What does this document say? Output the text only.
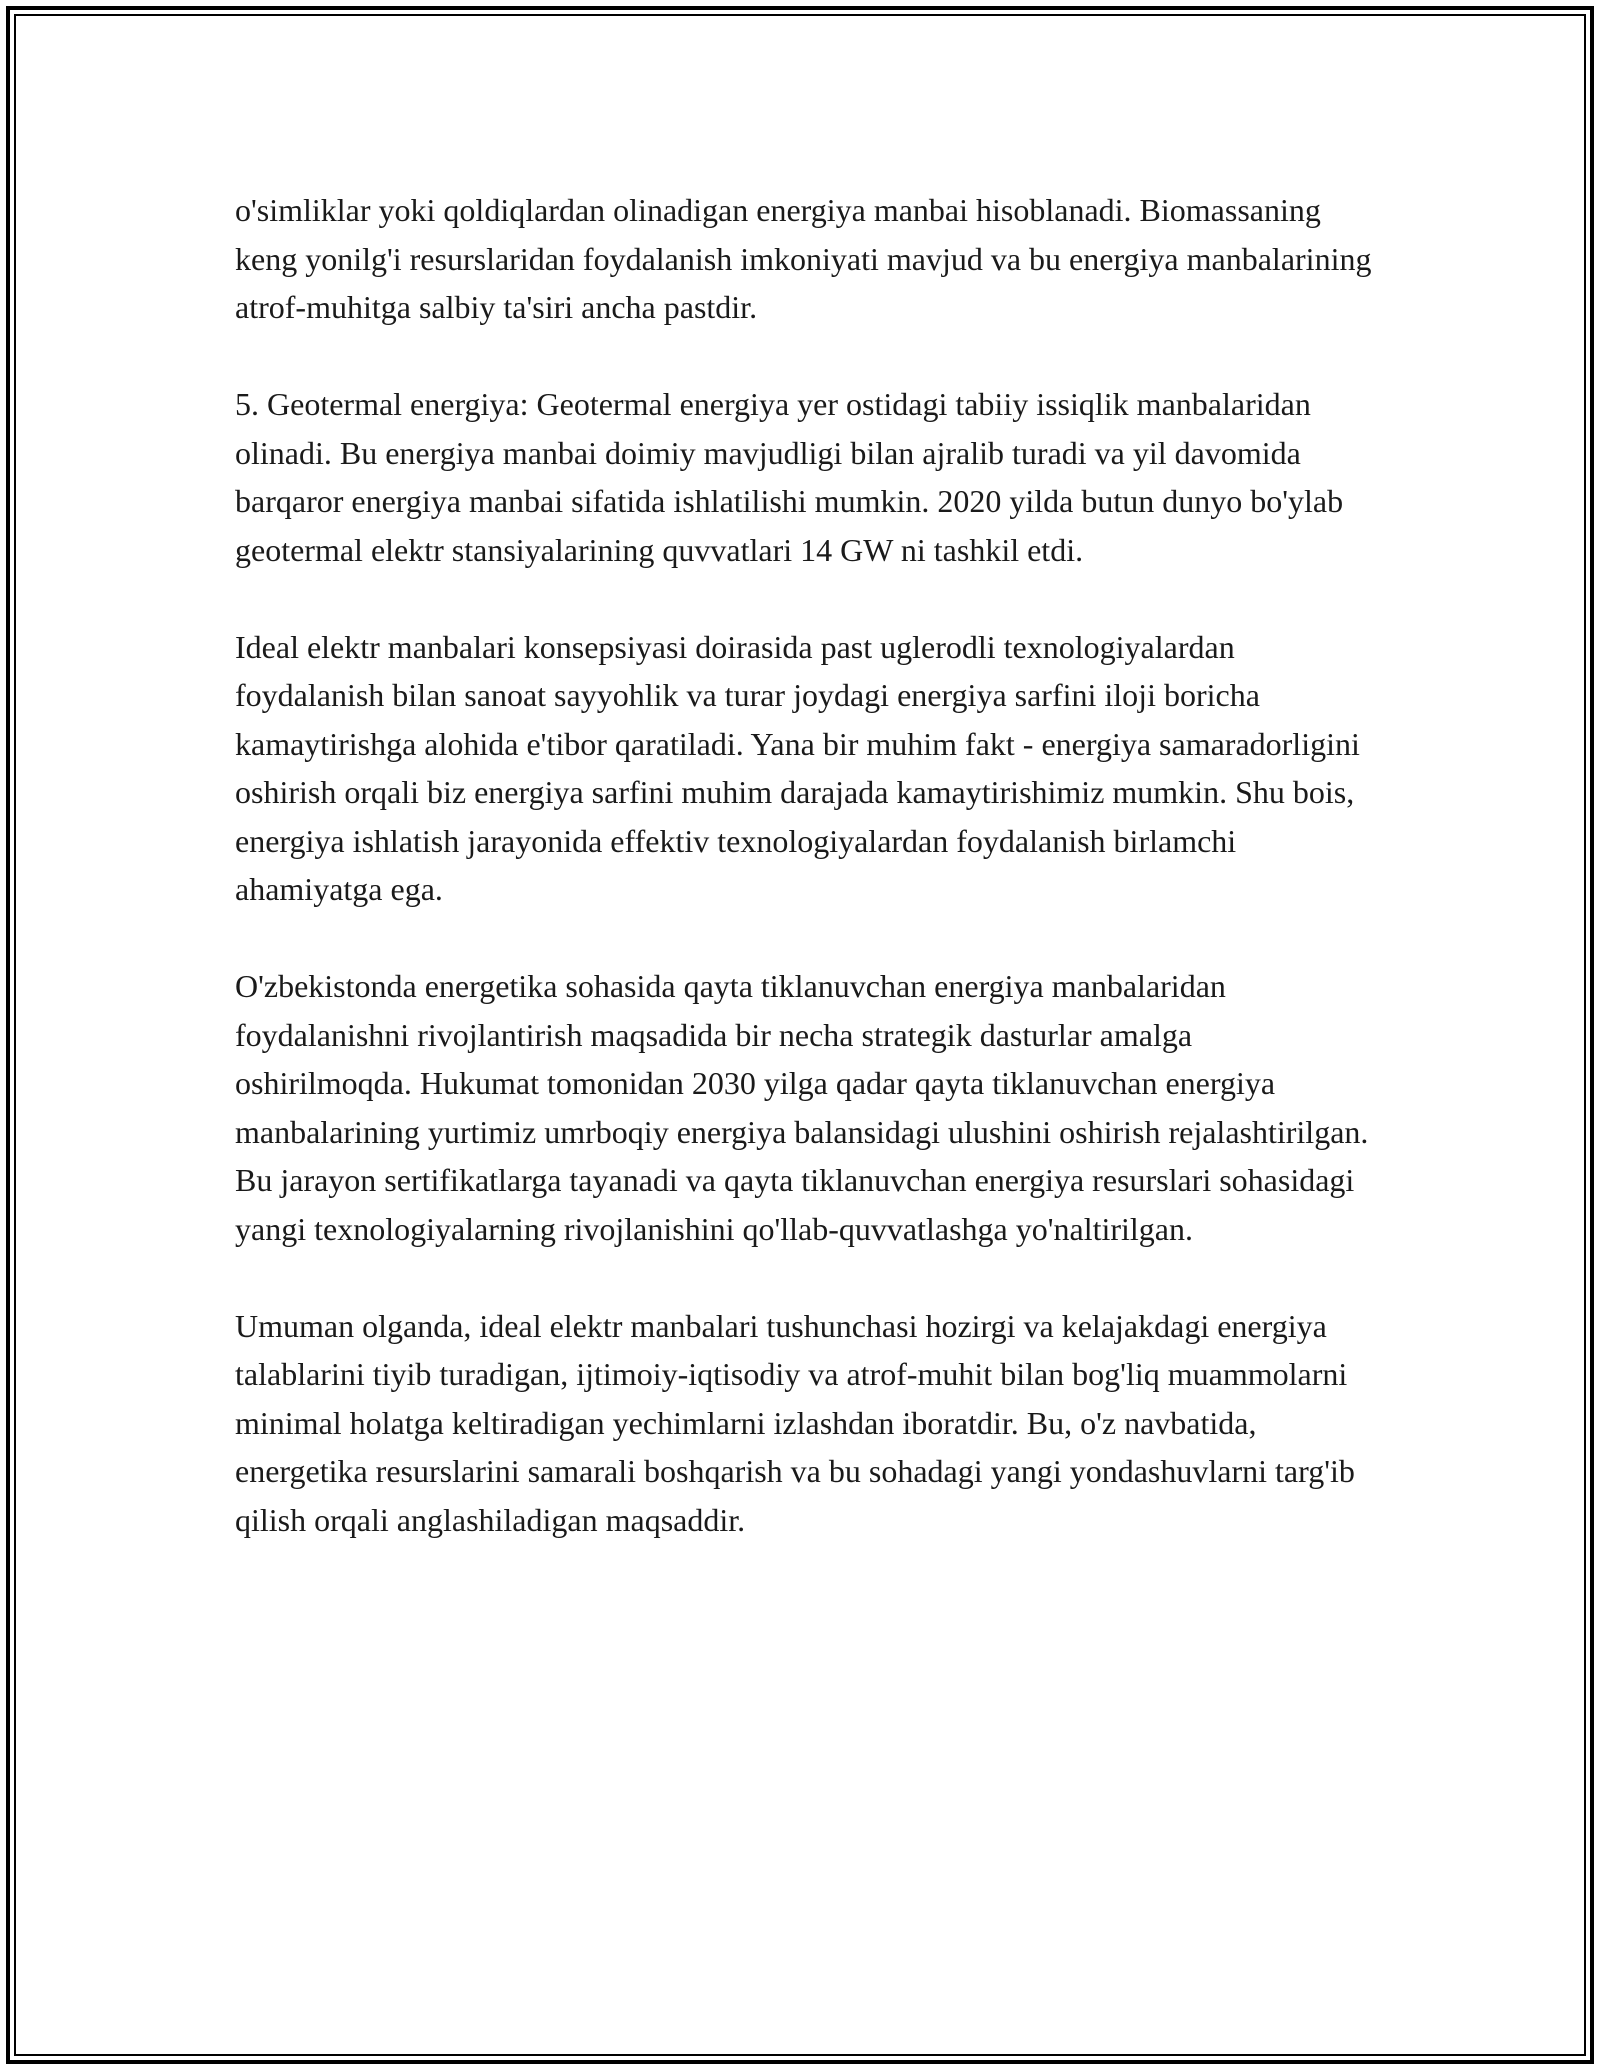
o'simliklar yoki qoldiqlardan olinadigan energiya manbai hisoblanadi. Biomassaning keng yonilg'i resurslaridan foydalanish imkoniyati mavjud va bu energiya manbalarining atrof-muhitga salbiy ta'siri ancha pastdir.

5. Geotermal energiya: Geotermal energiya yer ostidagi tabiiy issiqlik manbalaridan olinadi. Bu energiya manbai doimiy mavjudligi bilan ajralib turadi va yil davomida barqaror energiya manbai sifatida ishlatilishi mumkin. 2020 yilda butun dunyo bo'ylab geotermal elektr stansiyalarining quvvatlari 14 GW ni tashkil etdi.

Ideal elektr manbalari konsepsiyasi doirasida past uglerodli texnologiyalardan foydalanish bilan sanoat sayyohlik va turar joydagi energiya sarfini iloji boricha kamaytirishga alohida e'tibor qaratiladi. Yana bir muhim fakt - energiya samaradorligini oshirish orqali biz energiya sarfini muhim darajada kamaytirishimiz mumkin. Shu bois, energiya ishlatish jarayonida effektiv texnologiyalardan foydalanish birlamchi ahamiyatga ega.

O'zbekistonda energetika sohasida qayta tiklanuvchan energiya manbalaridan foydalanishni rivojlantirish maqsadida bir necha strategik dasturlar amalga oshirilmoqda. Hukumat tomonidan 2030 yilga qadar qayta tiklanuvchan energiya manbalarining yurtimiz umrboqiy energiya balansidagi ulushini oshirish rejalashtirilgan. Bu jarayon sertifikatlarga tayanadi va qayta tiklanuvchan energiya resurslari sohasidagi yangi texnologiyalarning rivojlanishini qo'llab-quvvatlashga yo'naltirilgan.

Umuman olganda, ideal elektr manbalari tushunchasi hozirgi va kelajakdagi energiya talablarini tiyib turadigan, ijtimoiy-iqtisodiy va atrof-muhit bilan bog'liq muammolarni minimal holatga keltiradigan yechimlarni izlashdan iboratdir. Bu, o'z navbatida, energetika resurslarini samarali boshqarish va bu sohadagi yangi yondashuvlarni targ'ib qilish orqali anglashiladigan maqsaddir.
